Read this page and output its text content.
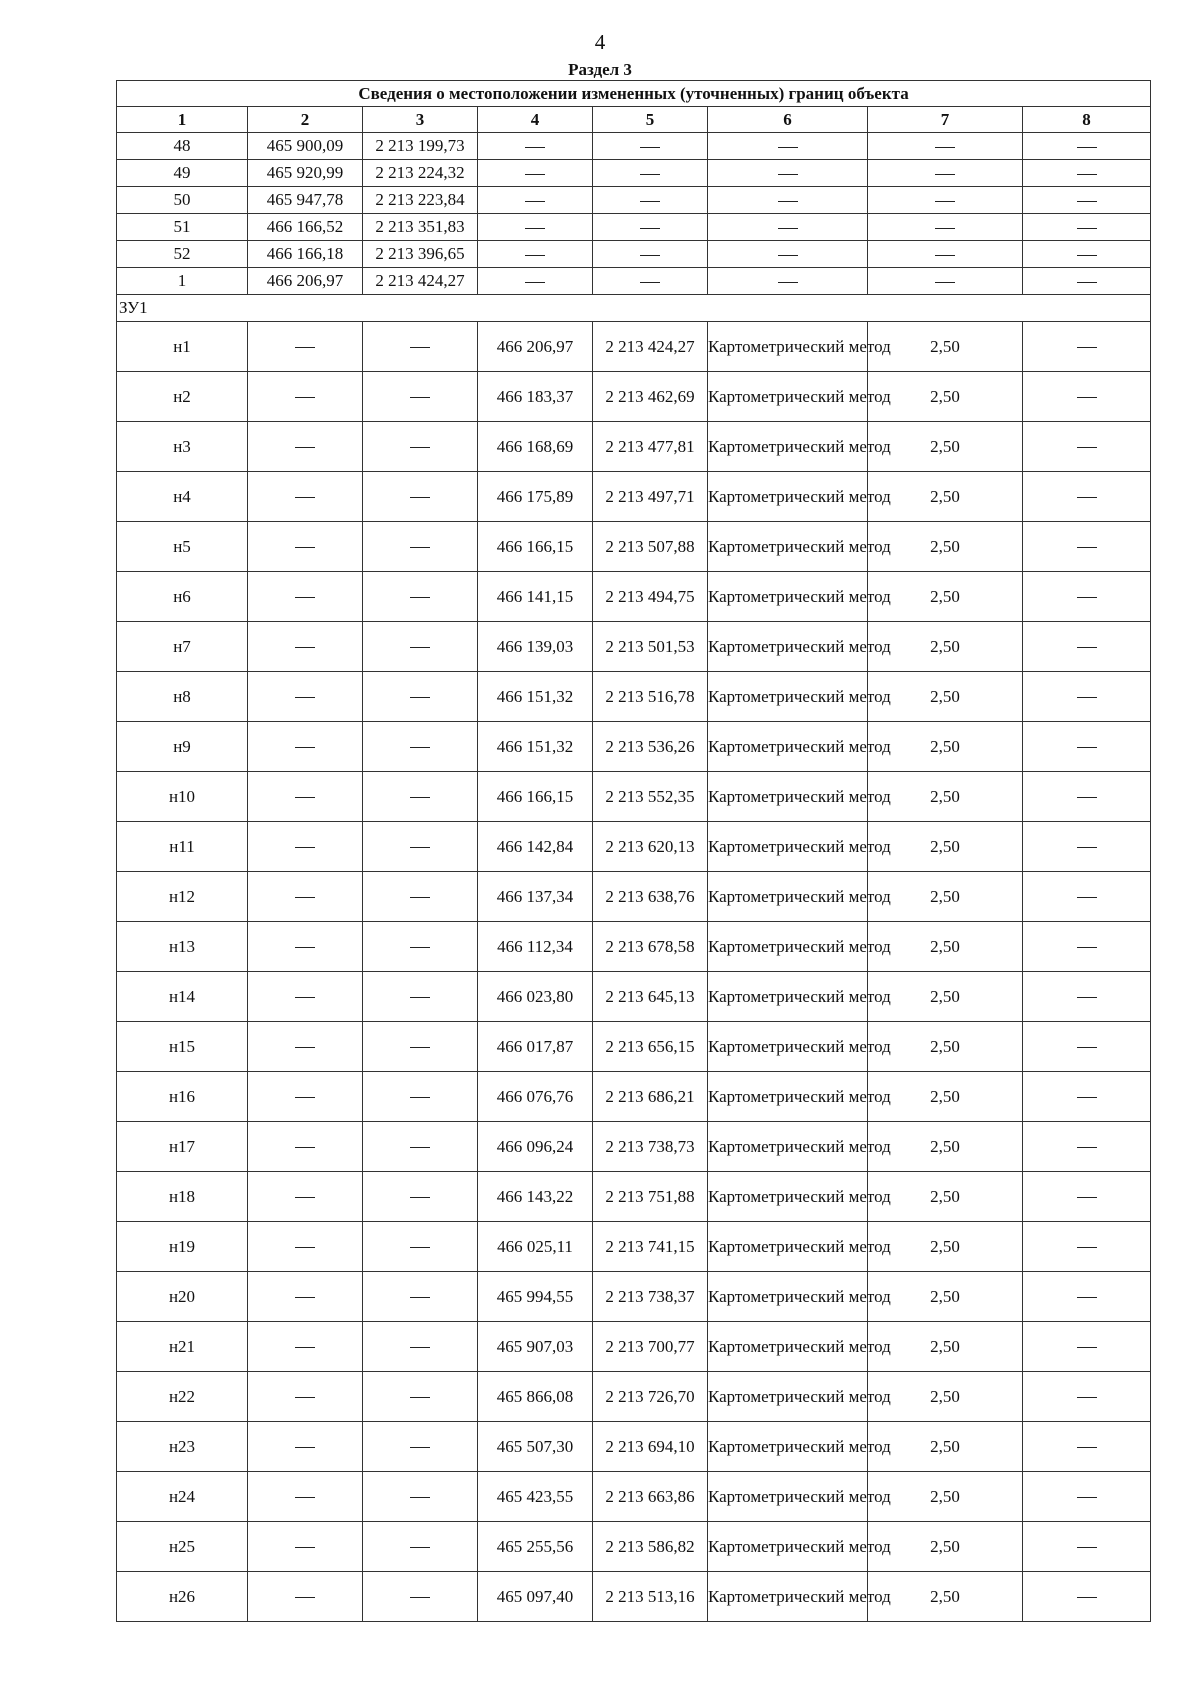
4
Раздел 3
Сведения о местоположении измененных (уточненных) границ объекта							
1	2	3	4	5	6	7	8
48	465 900,09	2 213 199,73					
49	465 920,99	2 213 224,32					
50	465 947,78	2 213 223,84					
51	466 166,52	2 213 351,83					
52	466 166,18	2 213 396,65					
1	466 206,97	2 213 424,27					
ЗУ1							
н1			466 206,97	2 213 424,27	Картометрический метод	2,50	
н2			466 183,37	2 213 462,69	Картометрический метод	2,50	
н3			466 168,69	2 213 477,81	Картометрический метод	2,50	
н4			466 175,89	2 213 497,71	Картометрический метод	2,50	
н5			466 166,15	2 213 507,88	Картометрический метод	2,50	
н6			466 141,15	2 213 494,75	Картометрический метод	2,50	
н7			466 139,03	2 213 501,53	Картометрический метод	2,50	
н8			466 151,32	2 213 516,78	Картометрический метод	2,50	
н9			466 151,32	2 213 536,26	Картометрический метод	2,50	
н10			466 166,15	2 213 552,35	Картометрический метод	2,50	
н11			466 142,84	2 213 620,13	Картометрический метод	2,50	
н12			466 137,34	2 213 638,76	Картометрический метод	2,50	
н13			466 112,34	2 213 678,58	Картометрический метод	2,50	
н14			466 023,80	2 213 645,13	Картометрический метод	2,50	
н15			466 017,87	2 213 656,15	Картометрический метод	2,50	
н16			466 076,76	2 213 686,21	Картометрический метод	2,50	
н17			466 096,24	2 213 738,73	Картометрический метод	2,50	
н18			466 143,22	2 213 751,88	Картометрический метод	2,50	
н19			466 025,11	2 213 741,15	Картометрический метод	2,50	
н20			465 994,55	2 213 738,37	Картометрический метод	2,50	
н21			465 907,03	2 213 700,77	Картометрический метод	2,50	
н22			465 866,08	2 213 726,70	Картометрический метод	2,50	
н23			465 507,30	2 213 694,10	Картометрический метод	2,50	
н24			465 423,55	2 213 663,86	Картометрический метод	2,50	
н25			465 255,56	2 213 586,82	Картометрический метод	2,50	
н26			465 097,40	2 213 513,16	Картометрический метод	2,50	
